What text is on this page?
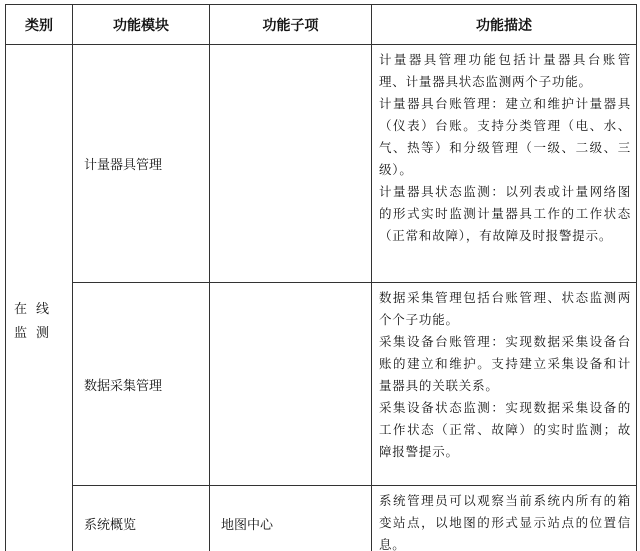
类别	功能模块	功能子项	功能描述
在线监测	计量器具管理		计量器具管理功能包括计量器具台账管理、计量器具状态监测两个子功能。

计量器具台账管理：建立和维护计量器具（仪表）台账。支持分类管理（电、水、气、热等）和分级管理（一级、二级、三级）。

计量器具状态监测：以列表或计量网络图的形式实时监测计量器具工作的工作状态（正常和故障），有故障及时报警提示。

	数据采集管理		数据采集管理包括台账管理、状态监测两个个子功能。

采集设备台账管理：实现数据采集设备台账的建立和维护。支持建立采集设备和计量器具的关联关系。

采集设备状态监测：实现数据采集设备的工作状态（正常、故障）的实时监测；故障报警提示。

	系统概览	地图中心	系统管理员可以观察当前系统内所有的箱变站点，以地图的形式显示站点的位置信息。
